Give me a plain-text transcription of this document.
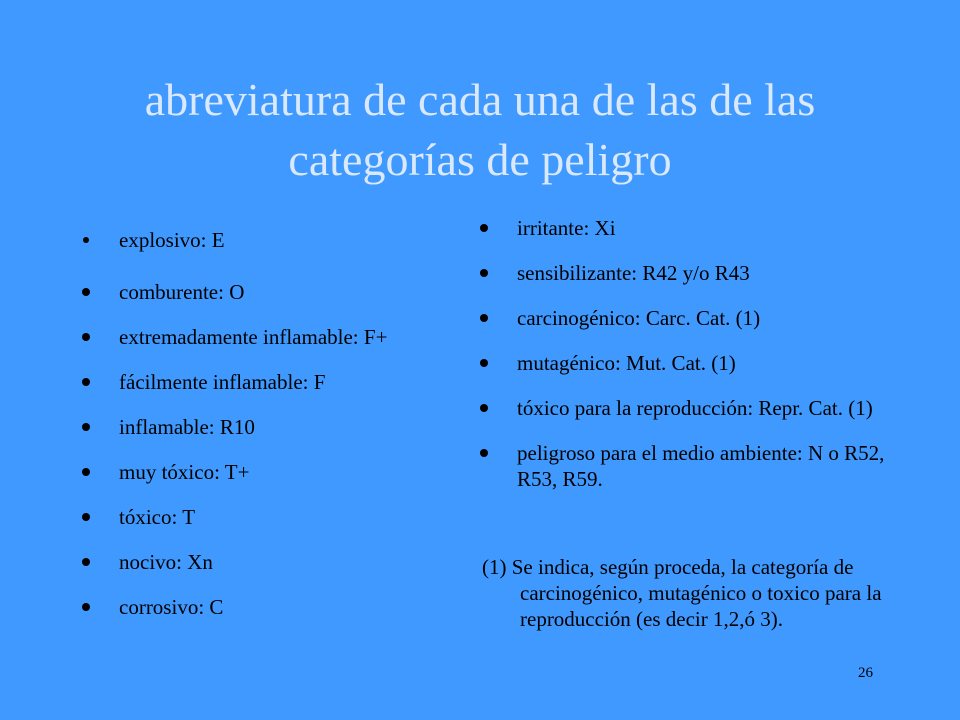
abreviatura de cada una de las de las
categorías de peligro
explosivo: E
comburente: O
extremadamente inflamable: F+
fácilmente inflamable: F
inflamable: R10
muy tóxico: T+
tóxico: T
nocivo: Xn
corrosivo: C
irritante: Xi
sensibilizante: R42 y/o R43
carcinogénico: Carc. Cat. (1)
mutagénico: Mut. Cat. (1)
tóxico para la reproducción: Repr. Cat. (1)
peligroso para el medio ambiente: N o R52, R53, R59.

(1) Se indica, según proceda, la categoría de carcinogénico, mutagénico o toxico para la reproducción (es decir 1,2,ó 3).

26
